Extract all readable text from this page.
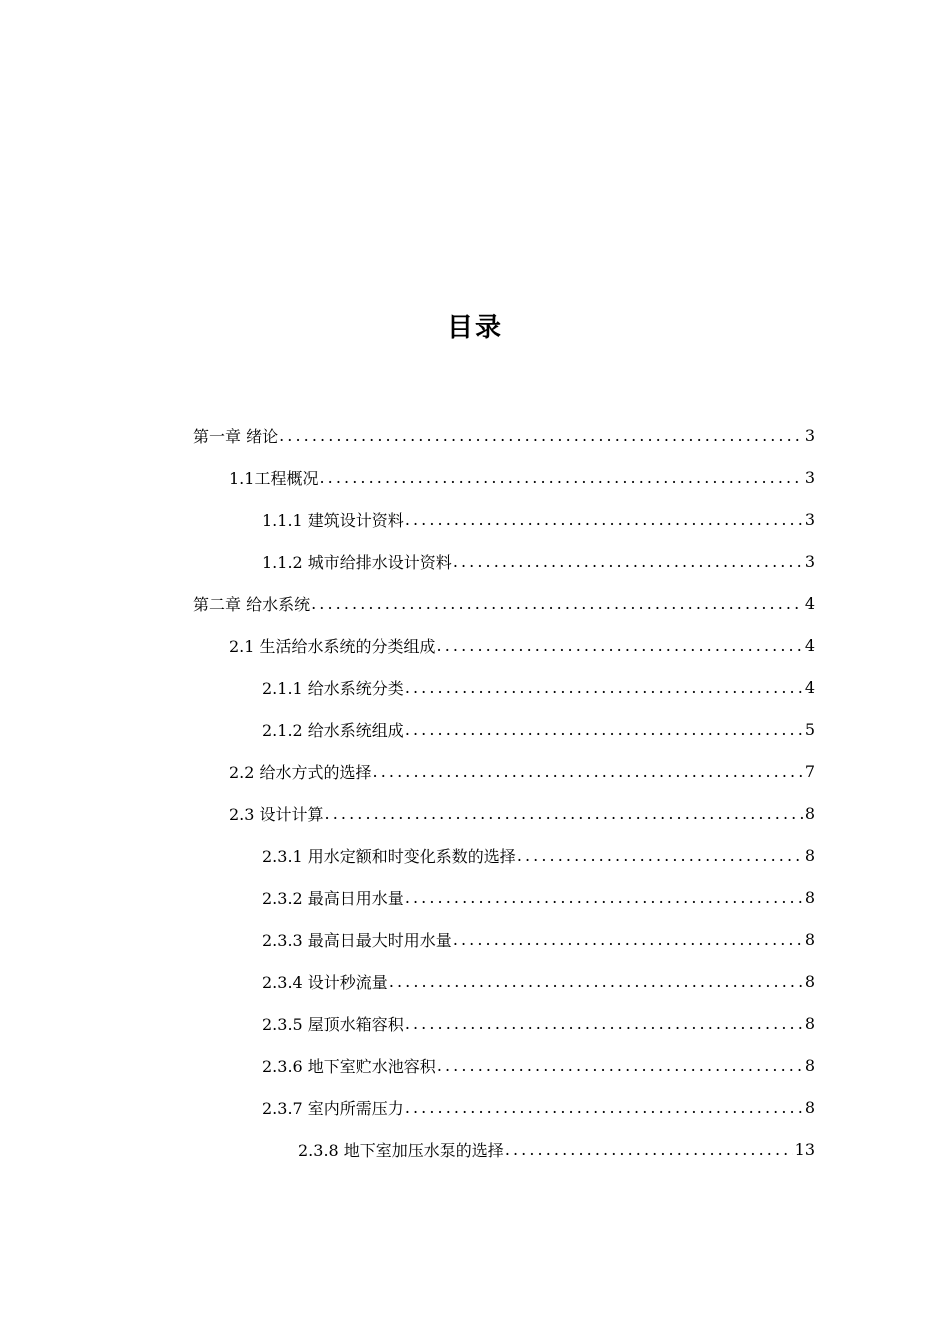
目录
第一章 绪论 .....	3
1.1工程概况 .....	3
1.1.1 建筑设计资料 .....	3
1.1.2 城市给排水设计资料 .....	3
第二章 给水系统 .....	4
2.1 生活给水系统的分类组成 .....	4
2.1.1 给水系统分类 .....	4
2.1.2 给水系统组成 .....	5
2.2 给水方式的选择 .....	7
2.3 设计计算 .....	8
2.3.1 用水定额和时变化系数的选择 .....	8
2.3.2 最高日用水量 .....	8
2.3.3 最高日最大时用水量 .....	8
2.3.4 设计秒流量 .....	8
2.3.5 屋顶水箱容积 .....	8
2.3.6 地下室贮水池容积 .....	8
2.3.7 室内所需压力 .....	8
2.3.8 地下室加压水泵的选择 .....	13
